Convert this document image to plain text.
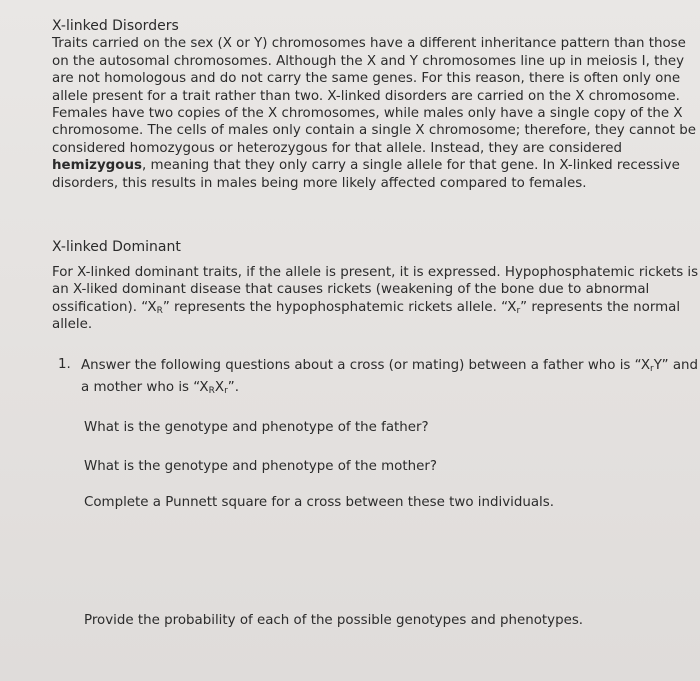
X-linked Disorders
Traits carried on the sex (X or Y) chromosomes have a different inheritance pattern than those
on the autosomal chromosomes. Although the X and Y chromosomes line up in meiosis I, they
are not homologous and do not carry the same genes. For this reason, there is often only one
allele present for a trait rather than two. X-linked disorders are carried on the X chromosome.
Females have two copies of the X chromosomes, while males only have a single copy of the X
chromosome. The cells of males only contain a single X chromosome; therefore, they cannot be
considered homozygous or heterozygous for that allele. Instead, they are considered
hemizygous, meaning that they only carry a single allele for that gene. In X-linked recessive
disorders, this results in males being more likely affected compared to females.
X-linked Dominant
For X-linked dominant traits, if the allele is present, it is expressed. Hypophosphatemic rickets is
an X-liked dominant disease that causes rickets (weakening of the bone due to abnormal
ossification). “$X_R$” represents the hypophosphatemic rickets allele. “$X_r$” represents the normal
allele.
1. Answer the following questions about a cross (or mating) between a father who is “$X_rY$” and
a mother who is “$X_RX_r$”.
What is the genotype and phenotype of the father?
What is the genotype and phenotype of the mother?
Complete a Punnett square for a cross between these two individuals.
Provide the probability of each of the possible genotypes and phenotypes.
